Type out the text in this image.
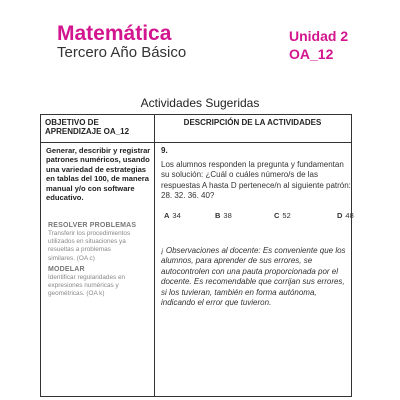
Matemática
Tercero Año Básico
Unidad 2
OA_12
Actividades Sugeridas
OBJETIVO DE APRENDIZAJE OA_12
DESCRIPCIÓN DE LA ACTIVIDADES
Generar, describir y registrar patrones numéricos, usando una variedad de estrategias en tablas del 100, de manera manual y/o con software educativo.
RESOLVER PROBLEMAS
Transferir los procedimientos utilizados en situaciones ya resueltas a problemas similares. (OA c)
MODELAR
Identificar regularidades en expresiones numéricas y geométricas. (OA k)
9.
Los alumnos responden la pregunta y fundamentan su solución: ¿Cuál o cuáles número/s de las respuestas A hasta D pertenece/n al siguiente patrón: 28. 32. 36. 40?
A 34	B 38	C 52	D 48
¡ Observaciones al docente: Es conveniente que los alumnos, para aprender de sus errores, se autocontrolen con una pauta proporcionada por el docente. Es recomendable que corrijan sus errores, si los tuvieran, también en forma autónoma, indicando el error que tuvieron.
